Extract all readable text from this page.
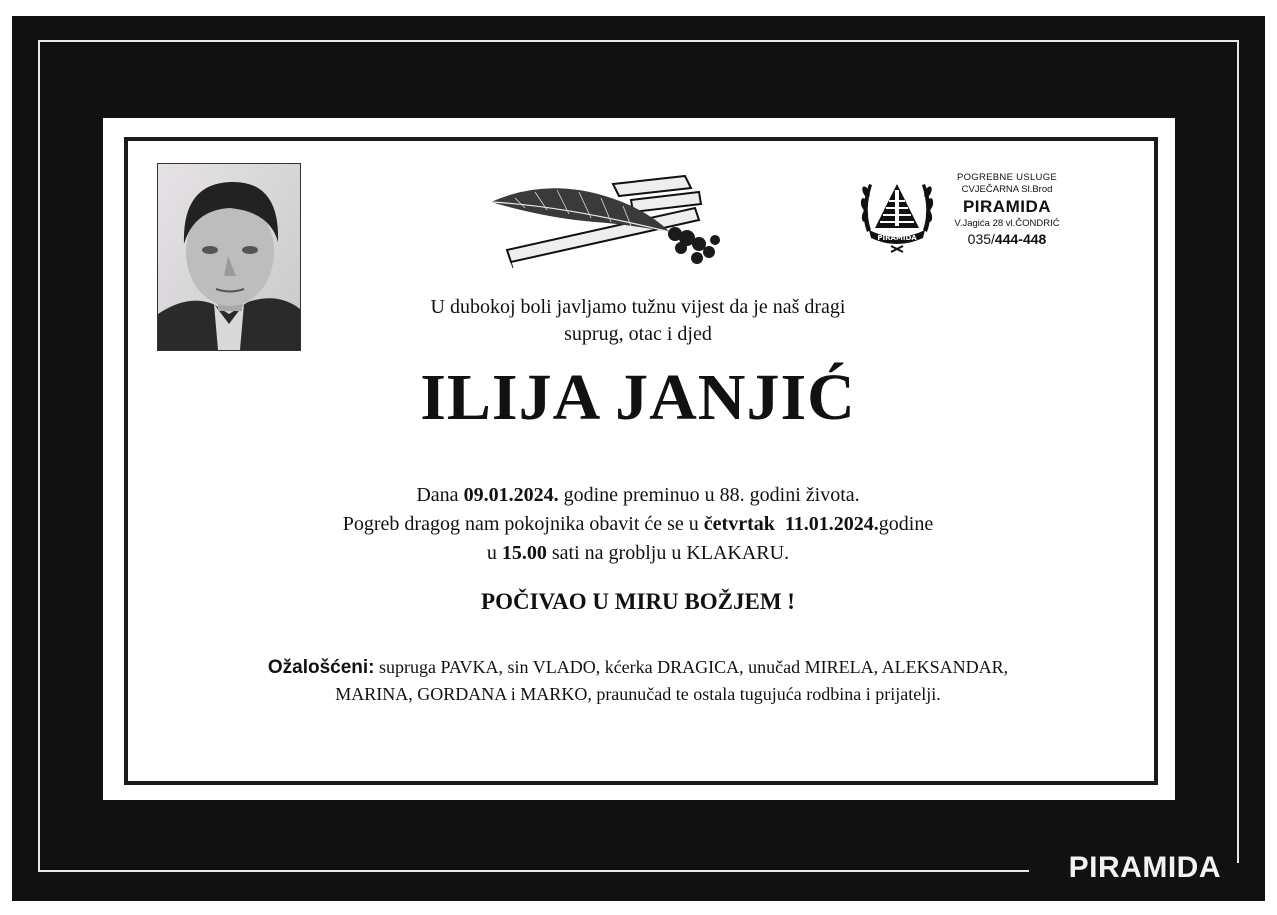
PIRAMIDA
POGREBNE USLUGE
CVJEČARNA Sl.Brod
PIRAMIDA
V.Jagića 28 vl.ČONDRIĆ
035/444-448
U dubokoj boli javljamo tužnu vijest da je naš dragi
suprug, otac i djed
ILIJA JANJIĆ
Dana 09.01.2024. godine preminuo u 88. godini života.
Pogreb dragog nam pokojnika obavit će se u četvrtak 11.01.2024.godine
u 15.00 sati na groblju u KLAKARU.
POČIVAO U MIRU BOŽJEM !
Ožalošćeni: supruga PAVKA, sin VLADO, kćerka DRAGICA, unučad MIRELA, ALEKSANDAR,
MARINA, GORDANA i MARKO, praunučad te ostala tugujuća rodbina i prijatelji.
PIRAMIDA
